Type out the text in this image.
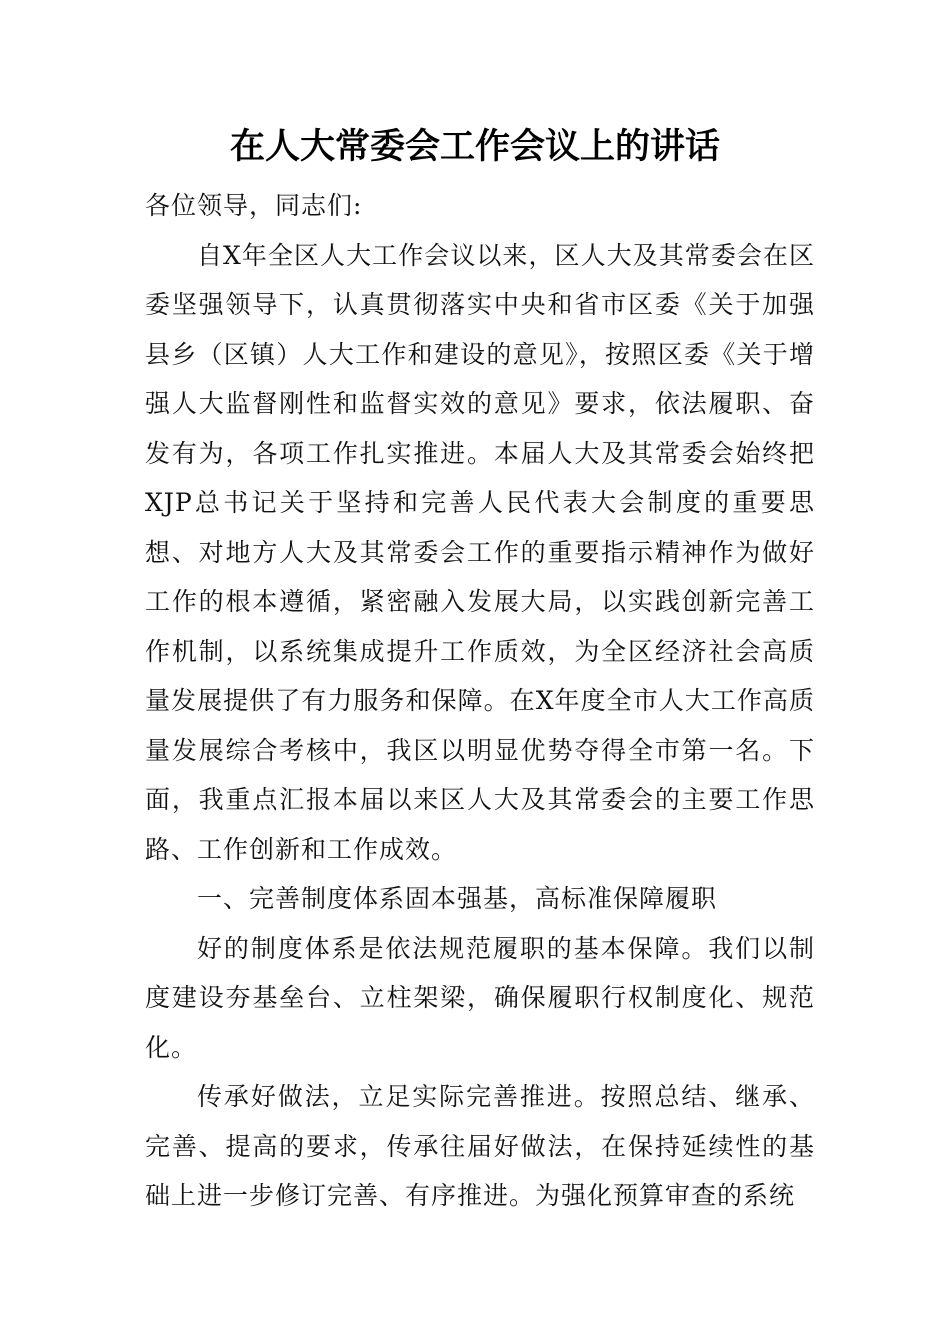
在人大常委会工作会议上的讲话

各位领导，同志们:

自X年全区人大工作会议以来，区人大及其常委会在区委坚强领导下，认真贯彻落实中央和省市区委《关于加强县乡（区镇）人大工作和建设的意见》，按照区委《关于增强人大监督刚性和监督实效的意见》要求，依法履职、奋发有为，各项工作扎实推进。本届人大及其常委会始终把XJP总书记关于坚持和完善人民代表大会制度的重要思想、对地方人大及其常委会工作的重要指示精神作为做好工作的根本遵循，紧密融入发展大局，以实践创新完善工作机制，以系统集成提升工作质效，为全区经济社会高质量发展提供了有力服务和保障。在X年度全市人大工作高质量发展综合考核中，我区以明显优势夺得全市第一名。下面，我重点汇报本届以来区人大及其常委会的主要工作思路、工作创新和工作成效。

一、完善制度体系固本强基，高标准保障履职

好的制度体系是依法规范履职的基本保障。我们以制度建设夯基垒台、立柱架梁，确保履职行权制度化、规范化。

传承好做法，立足实际完善推进。按照总结、继承、完善、提高的要求，传承往届好做法，在保持延续性的基础上进一步修订完善、有序推进。为强化预算审查的系统
